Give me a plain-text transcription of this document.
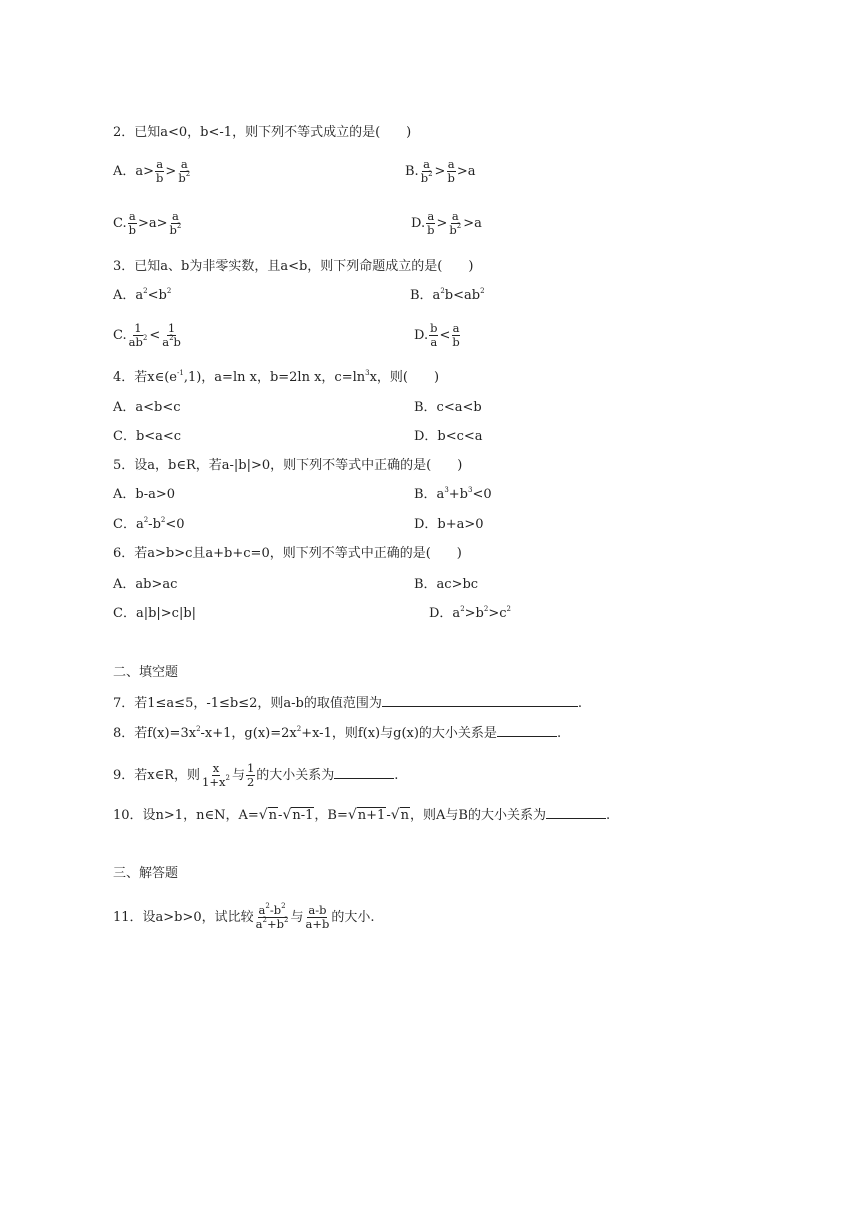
2．已知a<0，b<-1，则下列不等式成立的是(　　)
A．$a> \frac{a}{b} > \frac{a}{b^2}$	B. $\frac{a}{b^2} > \frac{a}{b} >a$
C. $\frac{a}{b} >a> \frac{a}{b^2}$	D. $\frac{a}{b} > \frac{a}{b^2} >a$
3．已知a、b为非零实数，且a<b，则下列命题成立的是(　　)
A．$a^2<b^2$	B．$a^2b<ab^2$
C. $\frac{1}{ab^2} < \frac{1}{a^2b}$	D. $\frac{b}{a} < \frac{a}{b}$
4．若$x\in(e^{-1},1)$，a=ln x，b=2ln x，$c=\ln^3x$，则(　　)
A．a<b<c	B．c<a<b
C．b<a<c	D．b<c<a
5．设a，b∈R，若a-|b|>0，则下列不等式中正确的是(　　)
A．b-a>0	B．$a^3+b^3<0$
C．$a^2-b^2<0$	D．b+a>0
6．若a>b>c且a+b+c=0，则下列不等式中正确的是(　　)
A．ab>ac	B．ac>bc
C．a|b|>c|b|	D．$a^2>b^2>c^2$
二、填空题
7．若1≤a≤5，-1≤b≤2，则a-b的取值范围为	.
8．若$f(x)=3x^2-x+1$，$g(x)=2x^2+x-1$，则f(x)与g(x)的大小关系是	.
9．若x∈R，则 $\frac{x}{1+x^2}$ 与 $\frac{1}{2}$ 的大小关系为	.
10．设n>1，n∈N，A=√n-√n-1，B=√n+1-√n，则A与B的大小关系为	.
三、解答题
11．设a>b>0，试比较 $\frac{a^2-b^2}{a^2+b^2}$ 与 $\frac{a-b}{a+b}$ 的大小.
